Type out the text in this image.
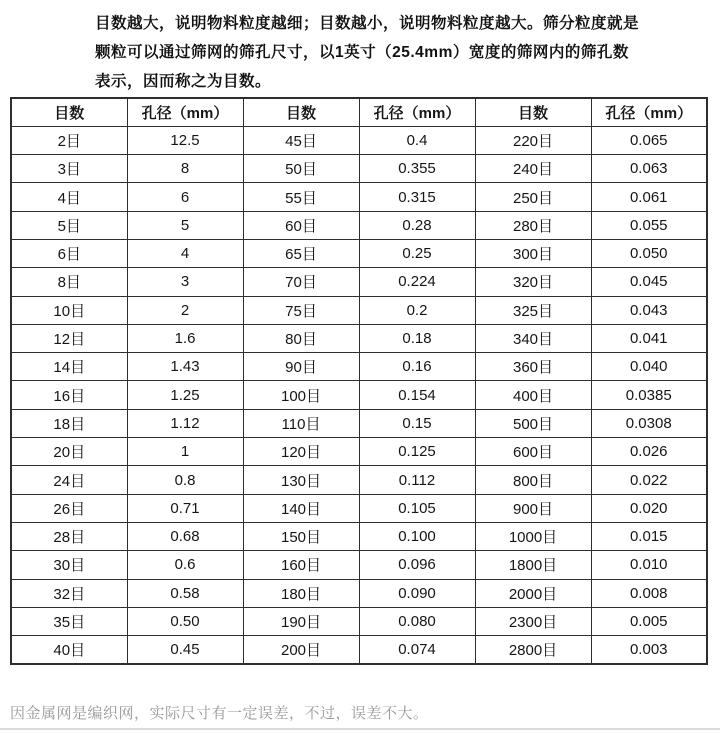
目数越大，说明物料粒度越细；目数越小，说明物料粒度越大。筛分粒度就是
颗粒可以通过筛网的筛孔尺寸，以1英寸（25.4mm）宽度的筛网内的筛孔数
表示，因而称之为目数。
目数	孔径（mm）	目数	孔径（mm）	目数	孔径（mm）
2目	12.5	45目	0.4	220目	0.065
3目	8	50目	0.355	240目	0.063
4目	6	55目	0.315	250目	0.061
5目	5	60目	0.28	280目	0.055
6目	4	65目	0.25	300目	0.050
8目	3	70目	0.224	320目	0.045
10目	2	75目	0.2	325目	0.043
12目	1.6	80目	0.18	340目	0.041
14目	1.43	90目	0.16	360目	0.040
16目	1.25	100目	0.154	400目	0.0385
18目	1.12	110目	0.15	500目	0.0308
20目	1	120目	0.125	600目	0.026
24目	0.8	130目	0.112	800目	0.022
26目	0.71	140目	0.105	900目	0.020
28目	0.68	150目	0.100	1000目	0.015
30目	0.6	160目	0.096	1800目	0.010
32目	0.58	180目	0.090	2000目	0.008
35目	0.50	190目	0.080	2300目	0.005
40目	0.45	200目	0.074	2800目	0.003
因金属网是编织网，实际尺寸有一定误差，不过，误差不大。
